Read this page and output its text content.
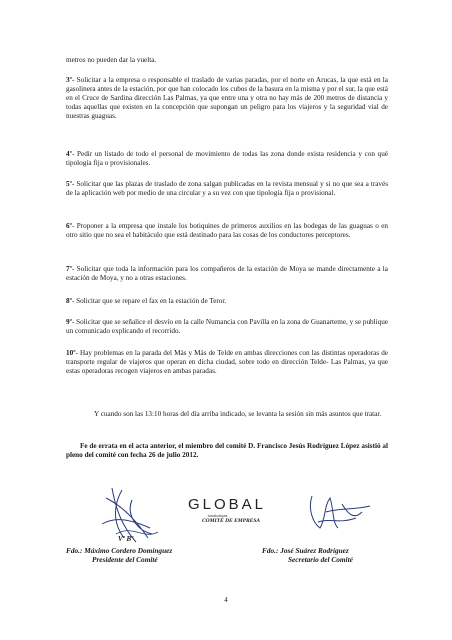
metros no pueden dar la vuelta.

3º- Solicitar a la empresa o responsable el traslado de varias paradas, por el norte en Arucas, la que está en la gasolinera antes de la estación, por que han colocado los cubos de la basura en la misma y por el sur, la que está en el Cruce de Sardina dirección Las Palmas, ya que entre una y otra no hay más de 200 metros de distancia y todas aquellas que existen en la concepción que supongan un peligro para los viajeros y la seguridad vial de nuestras guaguas.

4º- Pedir un listado de todo el personal de movimiento de todas las zona donde exista residencia y con qué tipología fija o provisionales.

5º- Solicitar que las plazas de traslado de zona salgan publicadas en la revista mensual y si no que sea a través de la aplicación web por medio de una circular y a su vez con que tipología fija o provisional.

6º- Proponer a la empresa que instale los botiquines de primeros auxilios en las bodegas de las guaguas o en otro sitio que no sea el habitáculo que está destinado para las cosas de los conductores perceptores.

7º- Solicitar que toda la información para los compañeros de la estación de Moya se mande directamente a la estación de Moya, y no a otras estaciones.

8º- Solicitar que se repare el fax en la estación de Teror.

9º- Solicitar que se señalice el desvío en la calle Numancia con Pavilla en la zona de Guanarteme, y se publique un comunicado explicando el recorrido.

10º- Hay problemas en la parada del Más y Más de Telde en ambas direcciones con las distintas operadoras de transporte regular de viajeros que operan en dicha ciudad, sobre todo en dirección Telde- Las Palmas, ya que estas operadoras recogen viajeros en ambas paradas.

Y cuando son las 13:10 horas del día arriba indicado, se levanta la sesión sin más asuntos que tratar.

Fe de errata en el acta anterior, el miembro del comité D. Francisco Jesús Rodríguez López asistió al pleno del comité con fecha 26 de julio 2012.

Vº Bº
GLOBAL
sindicatura
COMITÉ DE EMPRESA
Fdo.: Máximo Cordero Domínguez
Presidente del Comité
Fdo.: José Suárez Rodríguez
Secretario del Comité
4
